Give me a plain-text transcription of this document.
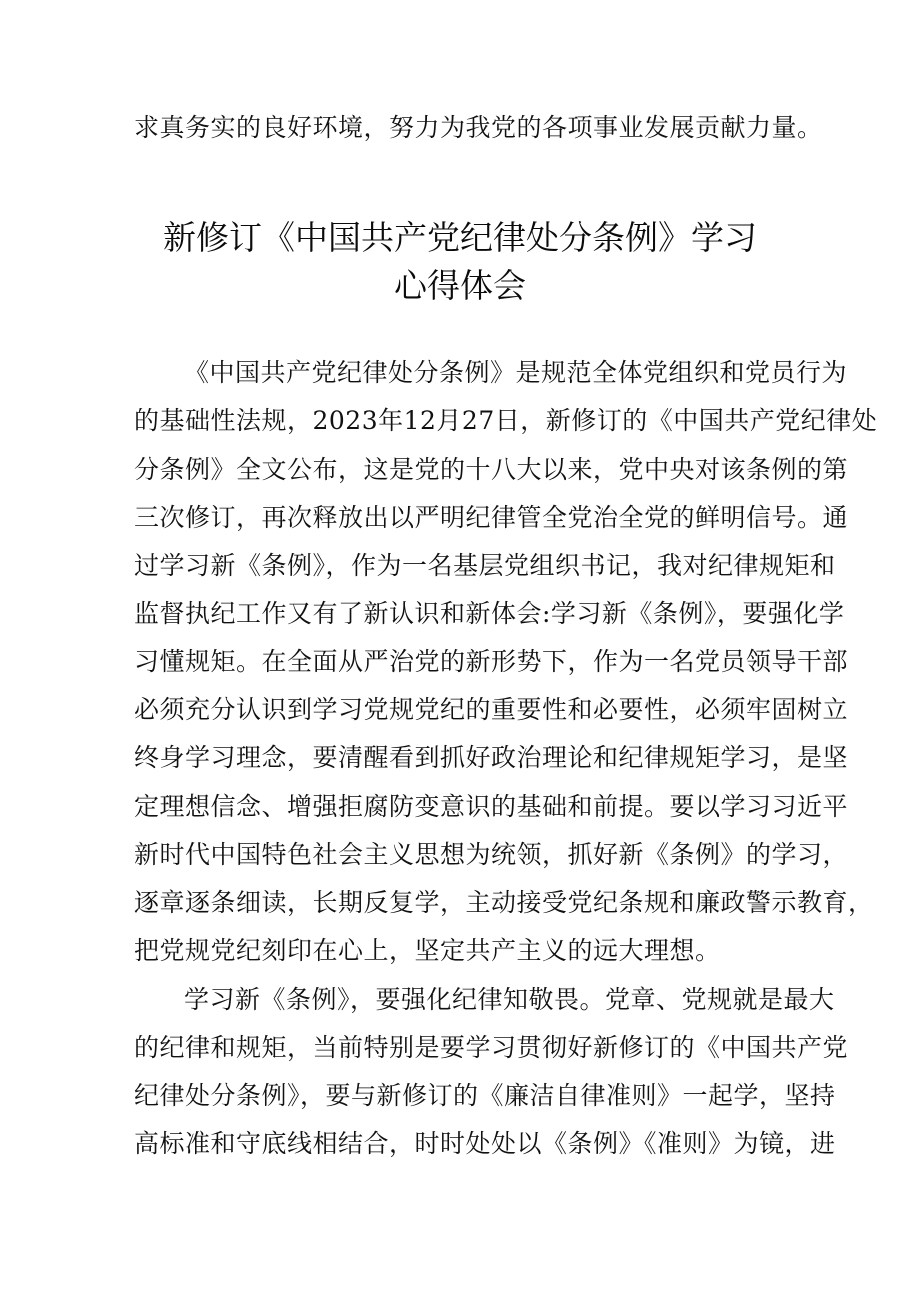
求真务实的良好环境，努力为我党的各项事业发展贡献力量。
新修订《中国共产党纪律处分条例》学习
心得体会
《中国共产党纪律处分条例》是规范全体党组织和党员行为
的基础性法规，2023年12月27日，新修订的《中国共产党纪律处
分条例》全文公布，这是党的十八大以来，党中央对该条例的第
三次修订，再次释放出以严明纪律管全党治全党的鲜明信号。通
过学习新《条例》，作为一名基层党组织书记，我对纪律规矩和
监督执纪工作又有了新认识和新体会:学习新《条例》，要强化学
习懂规矩。在全面从严治党的新形势下，作为一名党员领导干部
必须充分认识到学习党规党纪的重要性和必要性，必须牢固树立
终身学习理念，要清醒看到抓好政治理论和纪律规矩学习，是坚
定理想信念、增强拒腐防变意识的基础和前提。要以学习习近平
新时代中国特色社会主义思想为统领，抓好新《条例》的学习，
逐章逐条细读，长期反复学，主动接受党纪条规和廉政警示教育，
把党规党纪刻印在心上，坚定共产主义的远大理想。
学习新《条例》，要强化纪律知敬畏。党章、党规就是最大
的纪律和规矩，当前特别是要学习贯彻好新修订的《中国共产党
纪律处分条例》，要与新修订的《廉洁自律准则》一起学，坚持
高标准和守底线相结合，时时处处以《条例》《准则》为镜，进
